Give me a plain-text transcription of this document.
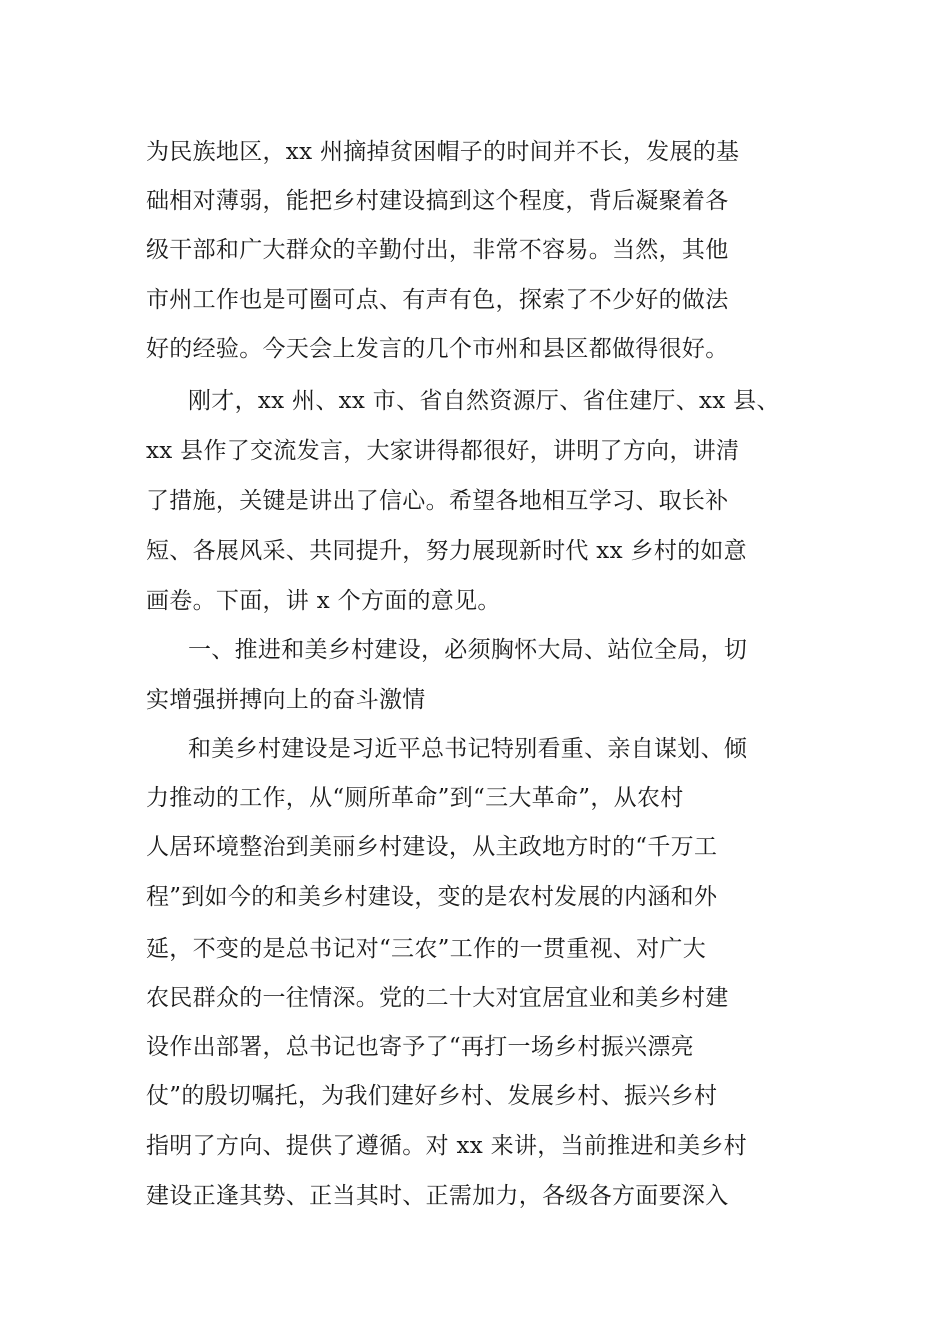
为民族地区，xx 州摘掉贫困帽子的时间并不长，发展的基
础相对薄弱，能把乡村建设搞到这个程度，背后凝聚着各
级干部和广大群众的辛勤付出，非常不容易。当然，其他
市州工作也是可圈可点、有声有色，探索了不少好的做法
好的经验。今天会上发言的几个市州和县区都做得很好。
刚才，xx 州、xx 市、省自然资源厅、省住建厅、xx 县、
xx 县作了交流发言，大家讲得都很好，讲明了方向，讲清
了措施，关键是讲出了信心。希望各地相互学习、取长补
短、各展风采、共同提升，努力展现新时代 xx 乡村的如意
画卷。下面，讲 x 个方面的意见。
一、推进和美乡村建设，必须胸怀大局、站位全局，切
实增强拼搏向上的奋斗激情
和美乡村建设是习近平总书记特别看重、亲自谋划、倾
力推动的工作，从“厕所革命”到“三大革命”，从农村
人居环境整治到美丽乡村建设，从主政地方时的“千万工
程”到如今的和美乡村建设，变的是农村发展的内涵和外
延，不变的是总书记对“三农”工作的一贯重视、对广大
农民群众的一往情深。党的二十大对宜居宜业和美乡村建
设作出部署，总书记也寄予了“再打一场乡村振兴漂亮
仗”的殷切嘱托，为我们建好乡村、发展乡村、振兴乡村
指明了方向、提供了遵循。对 xx 来讲，当前推进和美乡村
建设正逢其势、正当其时、正需加力，各级各方面要深入
